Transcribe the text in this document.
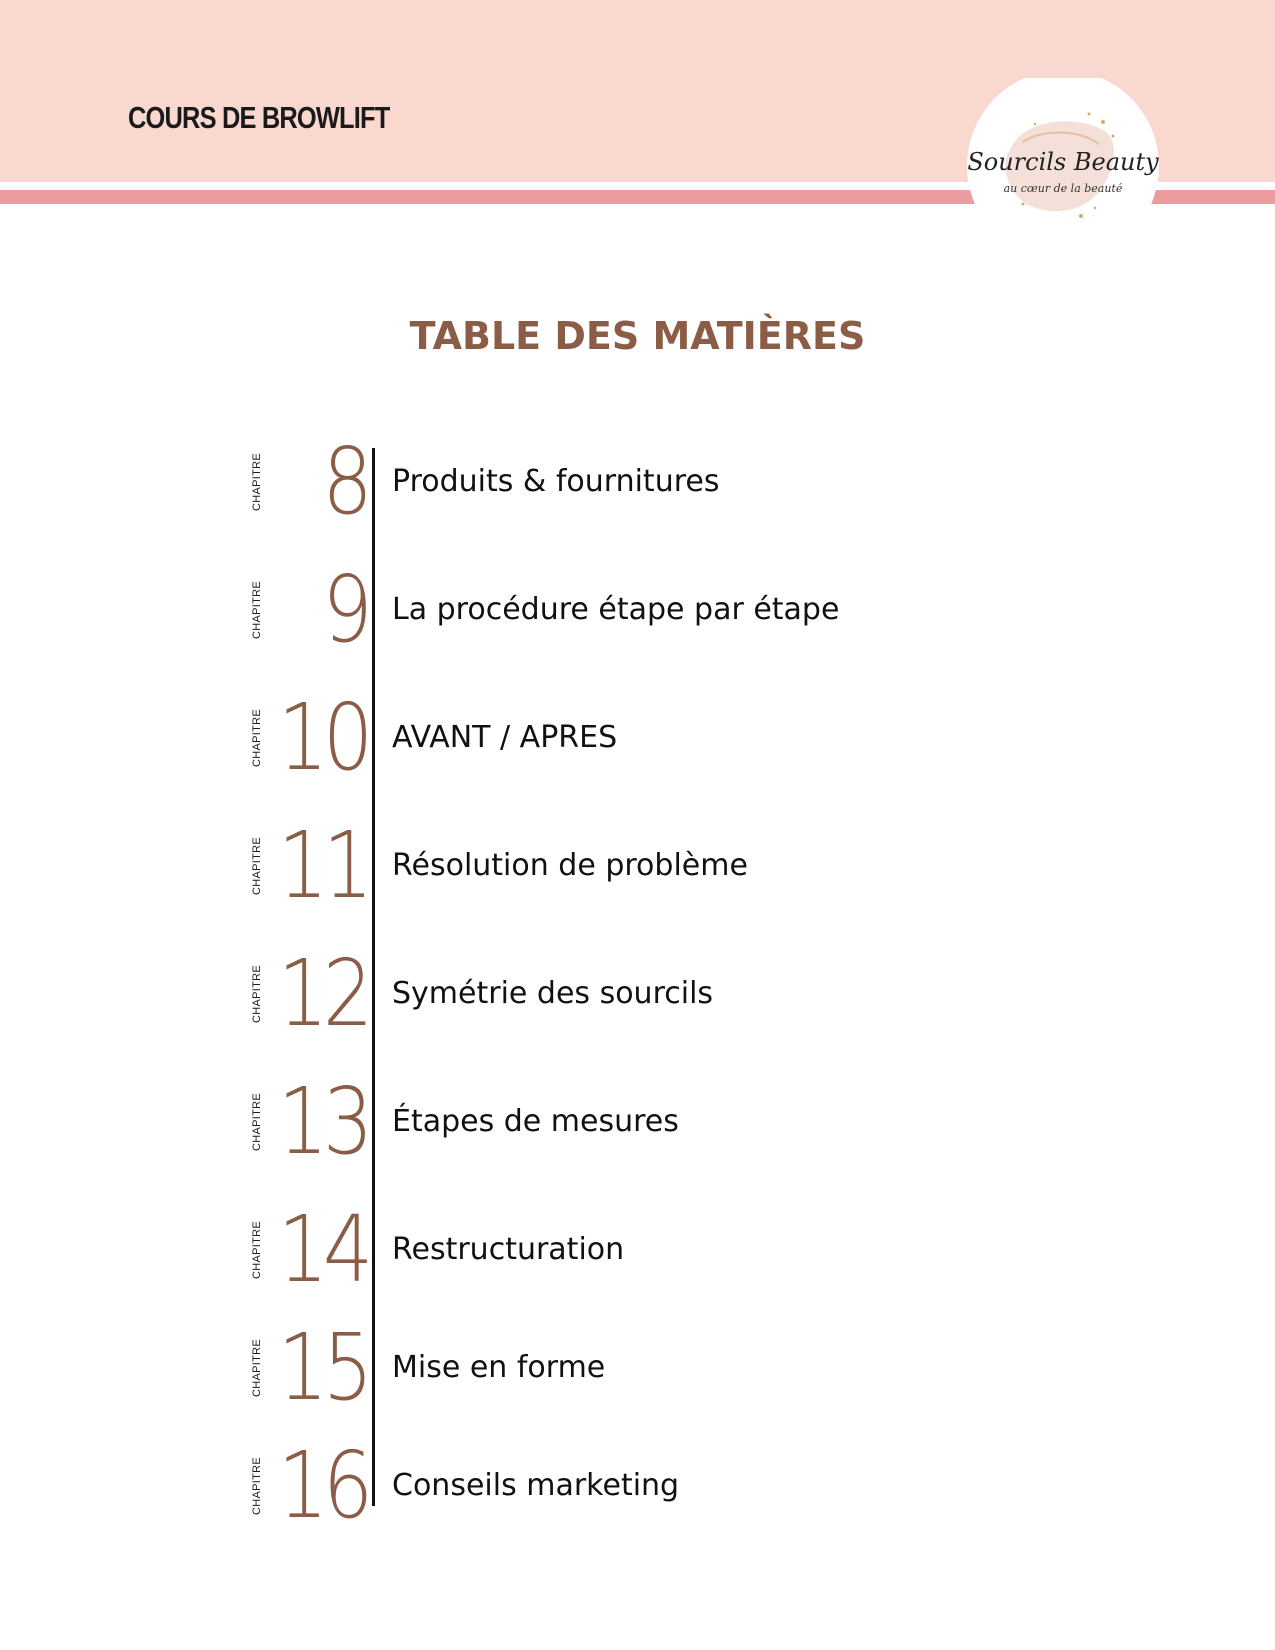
COURS DE BROWLIFT
Sourcils Beauty
au cœur de la beauté
TABLE DES MATIÈRES
CHAPITRE 8 Produits & fournitures
CHAPITRE 9 La procédure étape par étape
CHAPITRE 10 AVANT / APRES
CHAPITRE 11 Résolution de problème
CHAPITRE 12 Symétrie des sourcils
CHAPITRE 13 Étapes de mesures
CHAPITRE 14 Restructuration
CHAPITRE 15 Mise en forme
CHAPITRE 16 Conseils marketing
